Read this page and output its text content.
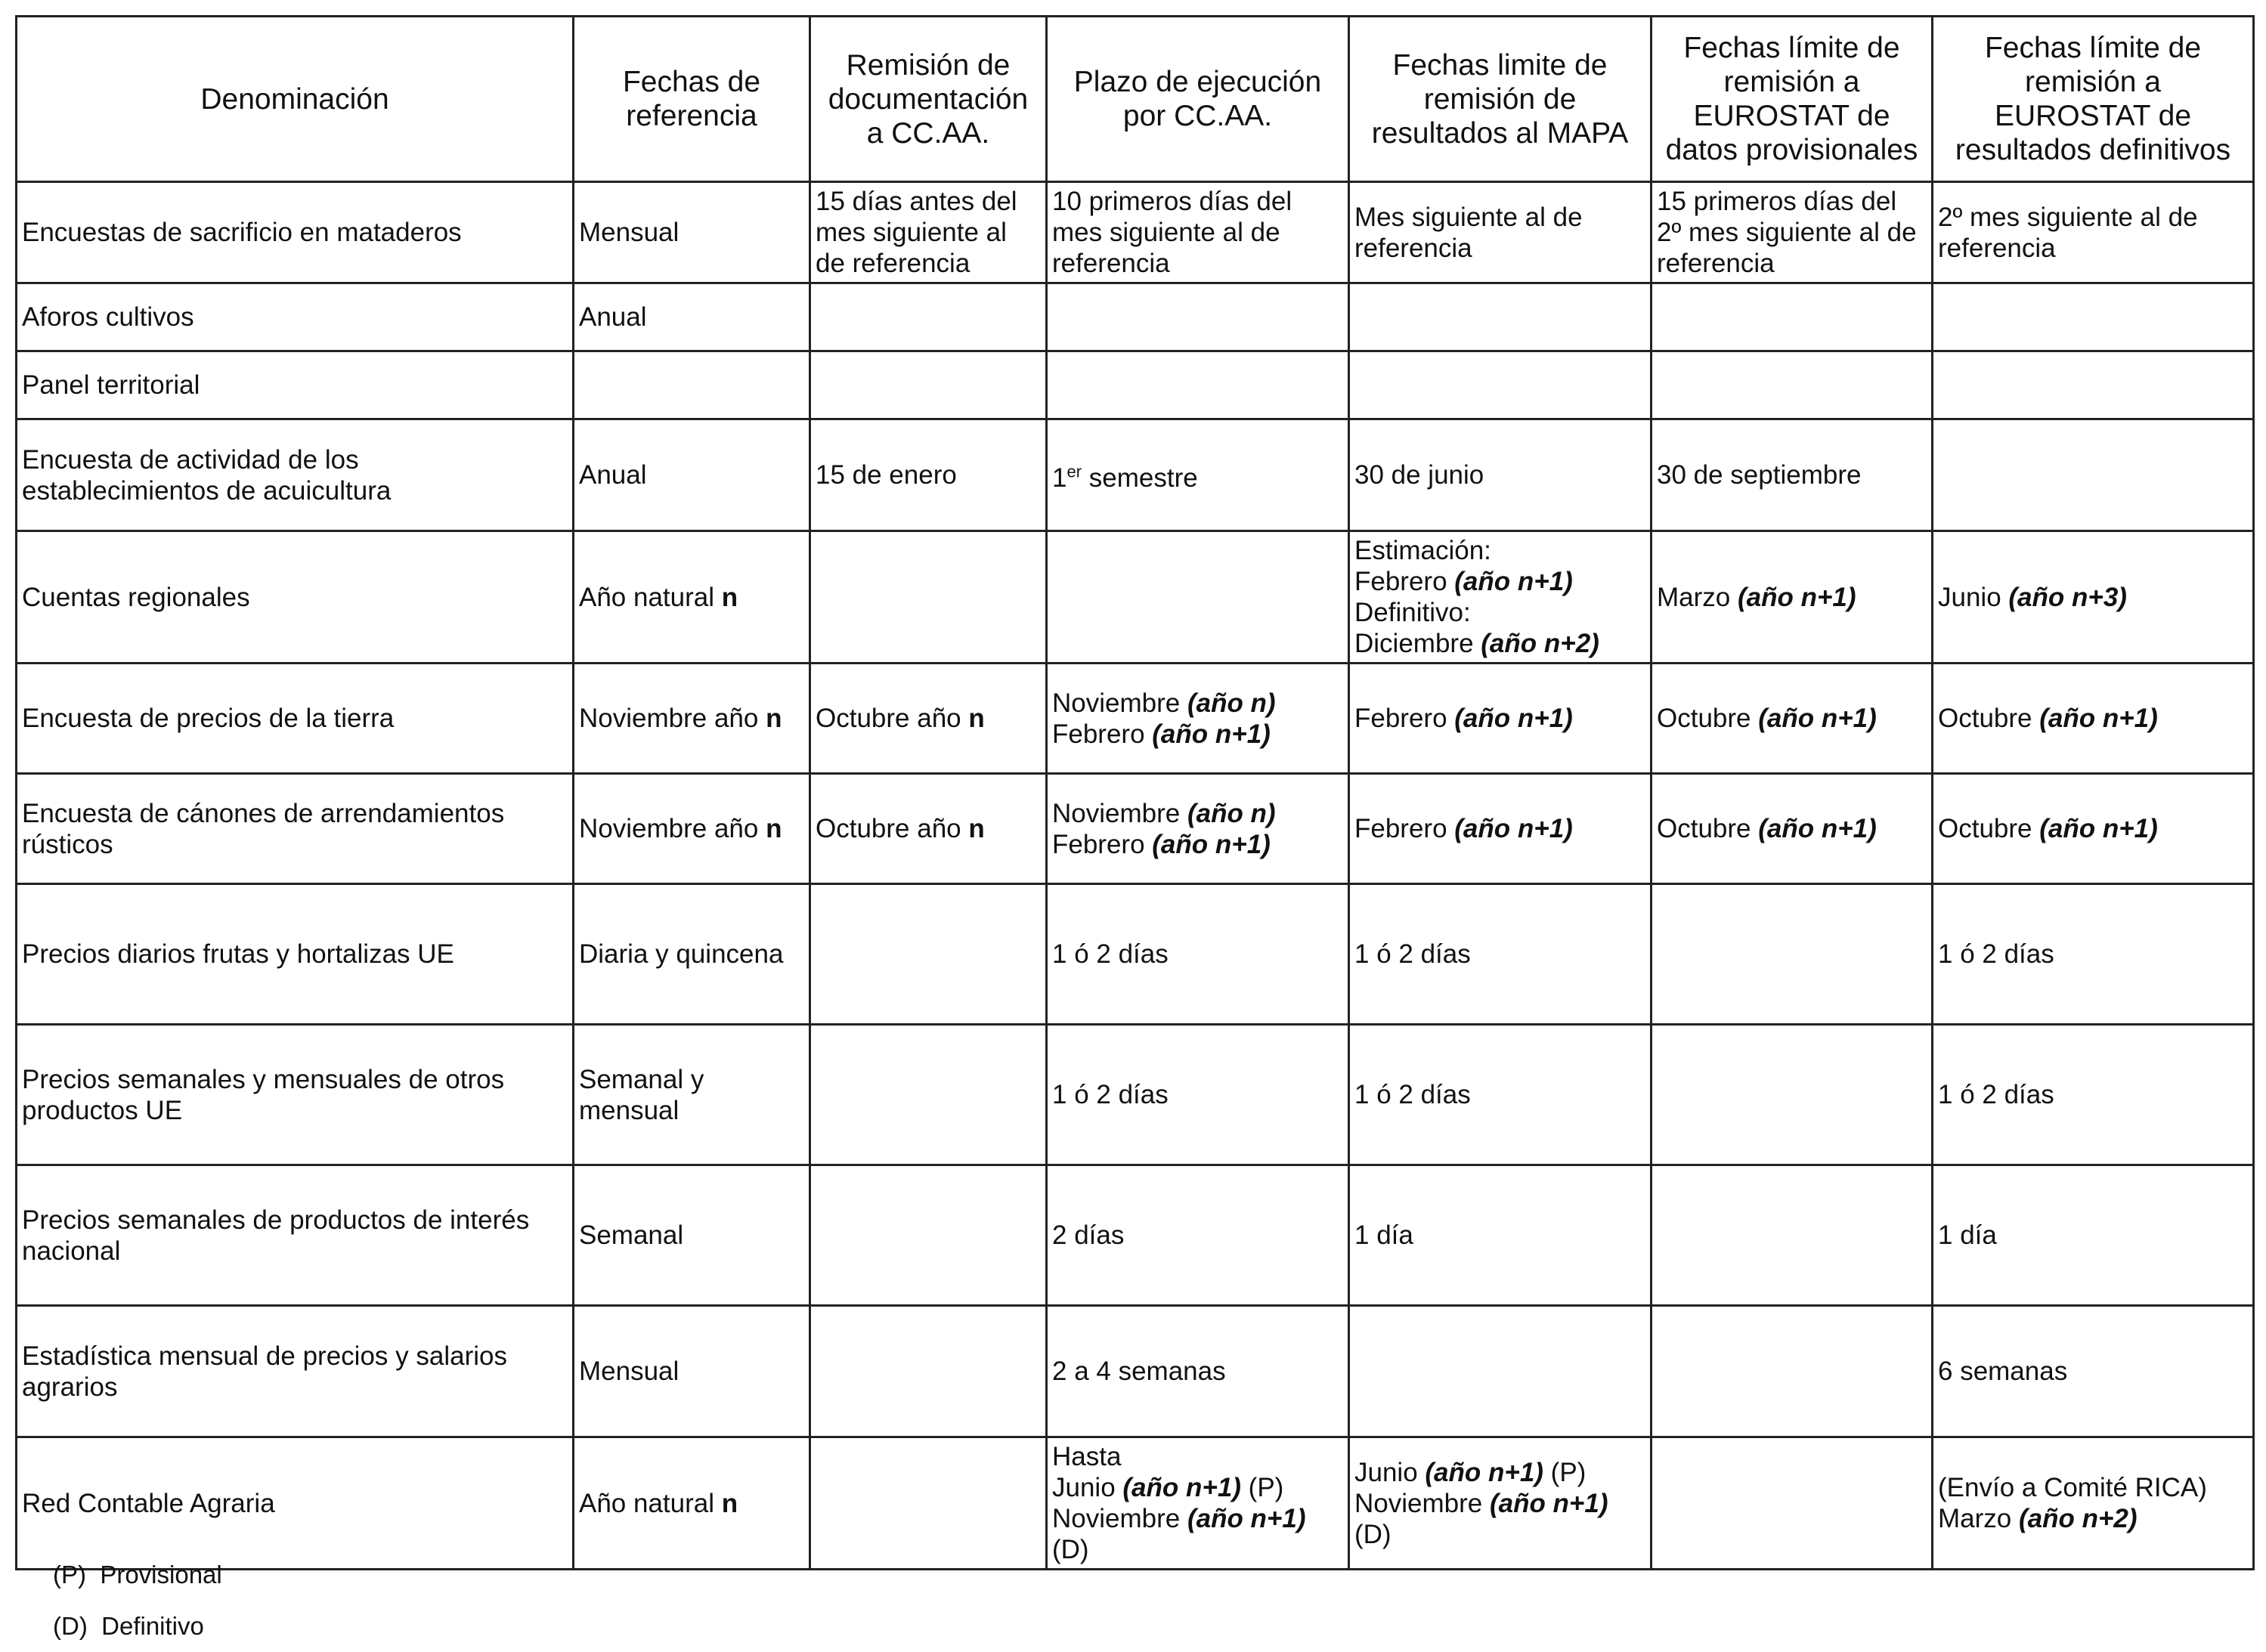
Denominación	Fechas de
referencia	Remisión de
documentación
a CC.AA.	Plazo de ejecución
por CC.AA.	Fechas limite de
remisión de
resultados al MAPA	Fechas límite de
remisión a
EUROSTAT de
datos provisionales	Fechas límite de
remisión a
EUROSTAT de
resultados definitivos

Encuestas de sacrificio en mataderos	Mensual	15 días antes del
mes siguiente al
de referencia	10 primeros días del
mes siguiente al de
referencia	Mes siguiente al de
referencia	15 primeros días del
2º mes siguiente al de
referencia	2º mes siguiente al de
referencia

Aforos cultivos	Anual					

Panel territorial						

Encuesta de actividad de los
establecimientos de acuicultura	Anual	15 de enero	1er semestre	30 de junio	30 de septiembre	

Cuentas regionales	Año natural n			Estimación:
Febrero (año n+1)
Definitivo:
Diciembre (año n+2)	Marzo (año n+1)	Junio (año n+3)

Encuesta de precios de la tierra	Noviembre año n	Octubre año n	Noviembre (año n)
Febrero (año n+1)	Febrero (año n+1)	Octubre (año n+1)	Octubre (año n+1)

Encuesta de cánones de arrendamientos
rústicos	Noviembre año n	Octubre año n	Noviembre (año n)
Febrero (año n+1)	Febrero (año n+1)	Octubre (año n+1)	Octubre (año n+1)

Precios diarios frutas y hortalizas UE	Diaria y quincena		1 ó 2 días	1 ó 2 días		1 ó 2 días

Precios semanales y mensuales de otros
productos UE	Semanal y
mensual		1 ó 2 días	1 ó 2 días		1 ó 2 días

Precios semanales de productos de interés
nacional	Semanal		2 días	1 día		1 día

Estadística mensual de precios y salarios
agrarios	Mensual		2 a 4 semanas			6 semanas

Red Contable Agraria	Año natural n		Hasta
Junio (año n+1) (P)
Noviembre (año n+1)
(D)	Junio (año n+1) (P)
Noviembre (año n+1)
(D)		(Envío a Comité RICA)
Marzo (año n+2)
(P)  Provisional
(D)  Definitivo
